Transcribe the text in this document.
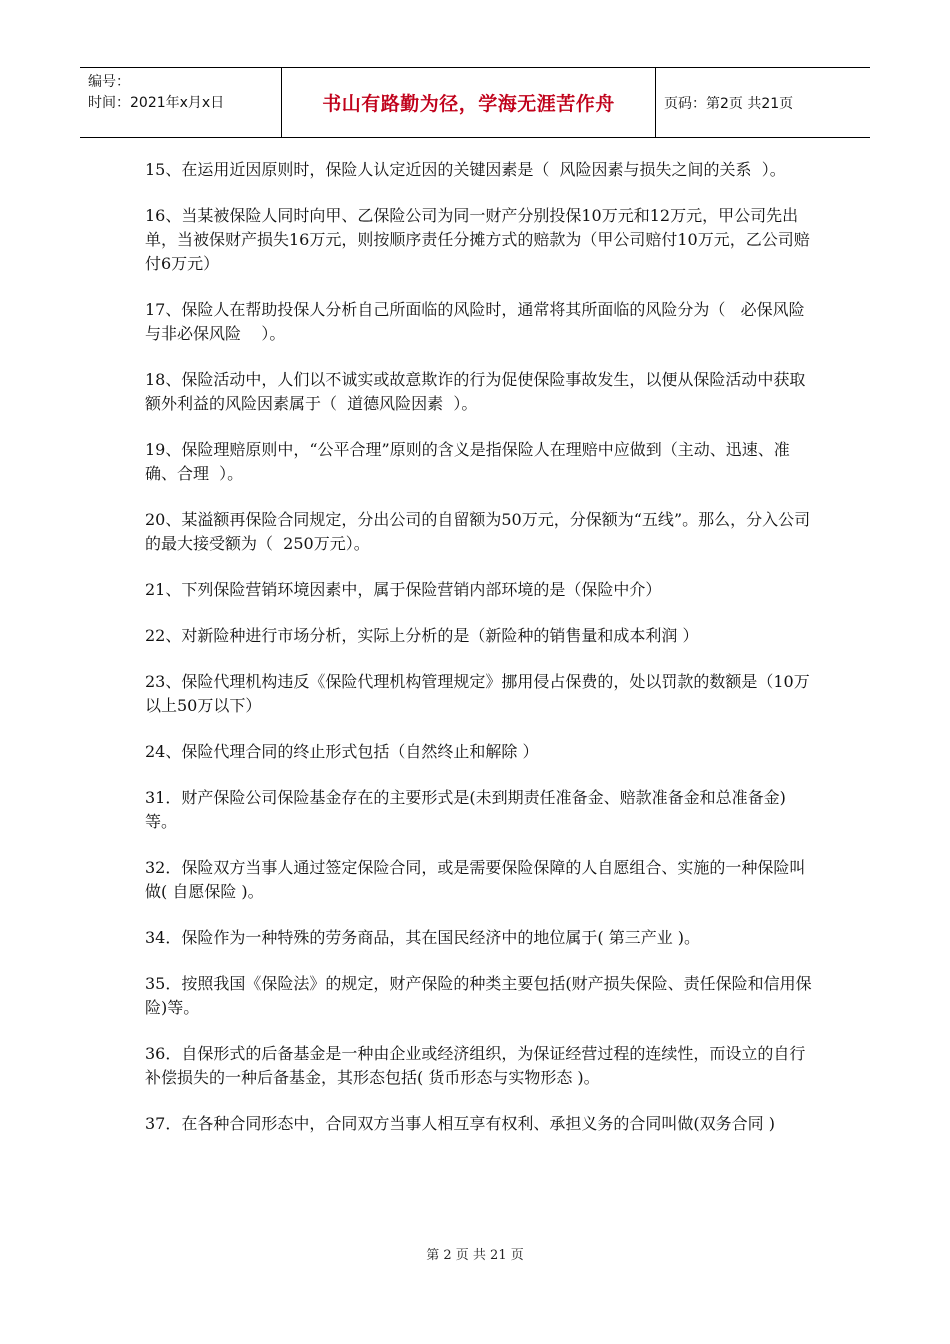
编号：
时间：2021年x月x日	书山有路勤为径，学海无涯苦作舟	页码：第2页 共21页

15、在运用近因原则时，保险人认定近因的关键因素是（  风险因素与损失之间的关系  ）。

16、当某被保险人同时向甲、乙保险公司为同一财产分别投保10万元和12万元，甲公司先出单，当被保财产损失16万元，则按顺序责任分摊方式的赔款为（甲公司赔付10万元，乙公司赔付6万元）

17、保险人在帮助投保人分析自己所面临的风险时，通常将其所面临的风险分为（   必保风险与非必保风险    ）。

18、保险活动中，人们以不诚实或故意欺诈的行为促使保险事故发生，以便从保险活动中获取额外利益的风险因素属于（  道德风险因素  ）。

19、保险理赔原则中，“公平合理”原则的含义是指保险人在理赔中应做到（主动、迅速、准确、合理  ）。

20、某溢额再保险合同规定，分出公司的自留额为50万元，分保额为“五线”。那么，分入公司的最大接受额为（  250万元）。

21、下列保险营销环境因素中，属于保险营销内部环境的是（保险中介）

22、对新险种进行市场分析，实际上分析的是（新险种的销售量和成本利润 ）

23、保险代理机构违反《保险代理机构管理规定》挪用侵占保费的，处以罚款的数额是（10万以上50万以下）

24、保险代理合同的终止形式包括（自然终止和解除 ）

31．财产保险公司保险基金存在的主要形式是(未到期责任准备金、赔款准备金和总准备金)等。

32．保险双方当事人通过签定保险合同，或是需要保险保障的人自愿组合、实施的一种保险叫做( 自愿保险 )。

34．保险作为一种特殊的劳务商品，其在国民经济中的地位属于( 第三产业 )。

35．按照我国《保险法》的规定，财产保险的种类主要包括(财产损失保险、责任保险和信用保险)等。

36．自保形式的后备基金是一种由企业或经济组织，为保证经营过程的连续性，而设立的自行补偿损失的一种后备基金，其形态包括( 货币形态与实物形态 )。

37．在各种合同形态中，合同双方当事人相互享有权利、承担义务的合同叫做(双务合同 )

第 2 页 共 21 页
